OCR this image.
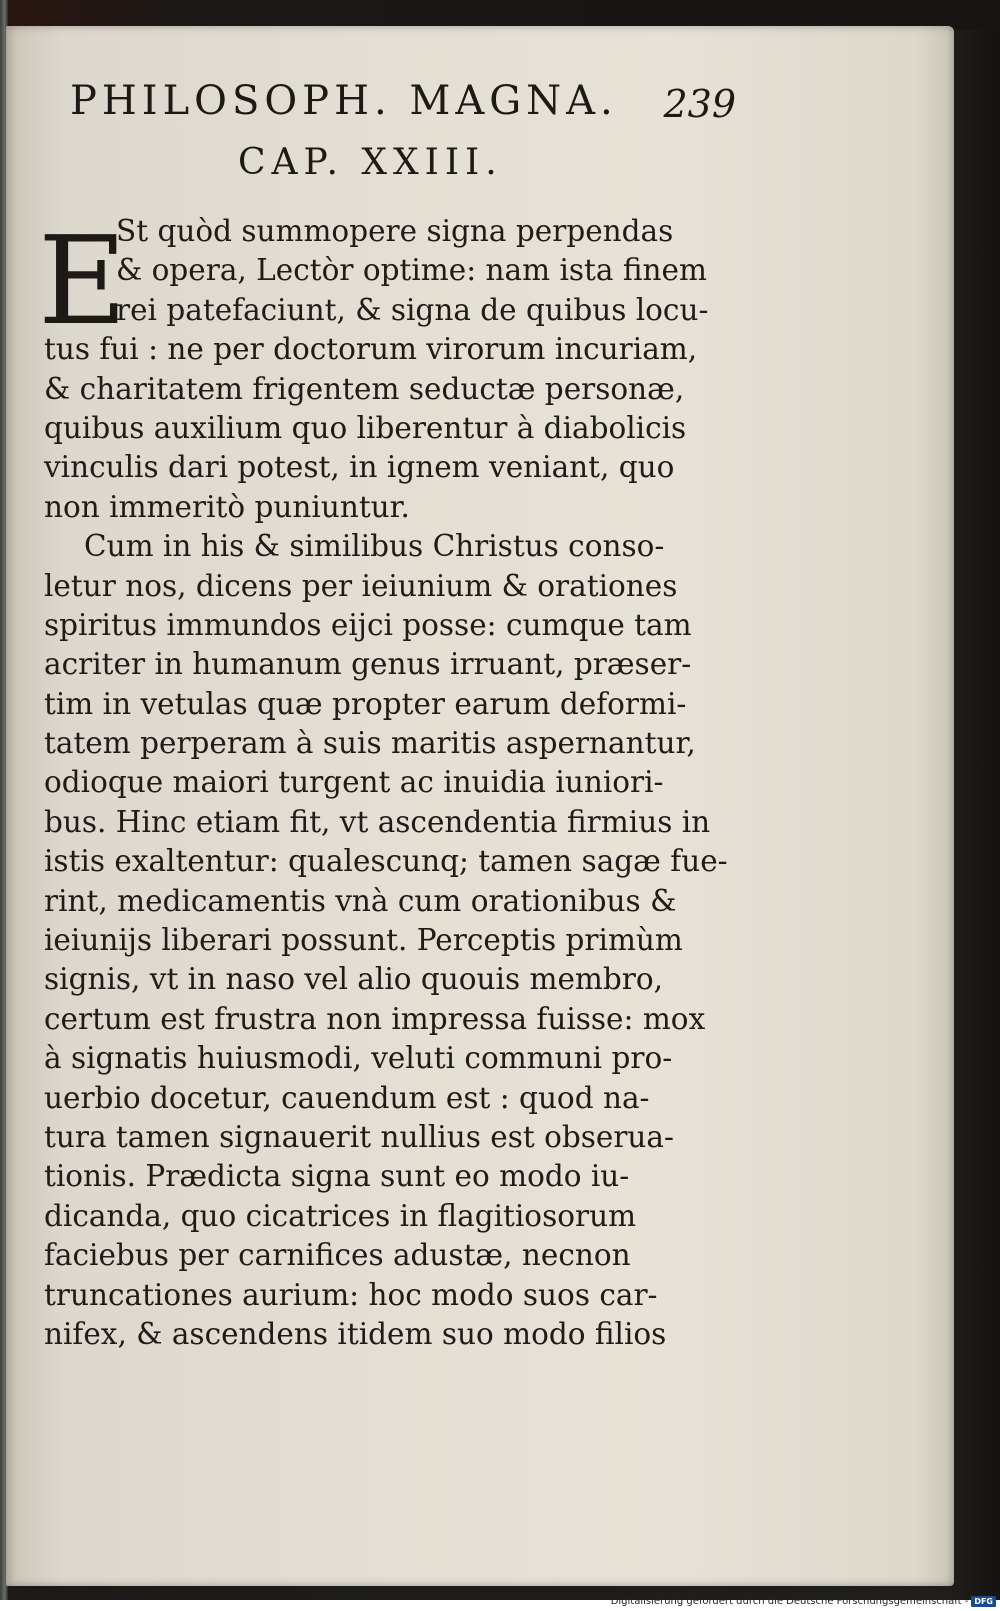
PHILOSOPH. MAGNA. 239
CAP. XXIII.
E
St quòd summopere signa perpendas
& opera, Lectòr optime: nam ista finem
rei patefaciunt, & signa de quibus locu-
tus fui : ne per doctorum virorum incuriam,
& charitatem frigentem seductæ personæ,
quibus auxilium quo liberentur à diabolicis
vinculis dari potest, in ignem veniant, quo
non immeritò puniuntur.
Cum in his & similibus Christus conso-
letur nos, dicens per ieiunium & orationes
spiritus immundos eijci posse: cumque tam
acriter in humanum genus irruant, præser-
tim in vetulas quæ propter earum deformi-
tatem perperam à suis maritis aspernantur,
odioque maiori turgent ac inuidia iuniori-
bus. Hinc etiam fit, vt ascendentia firmius in
istis exaltentur: qualescunq; tamen sagæ fue-
rint, medicamentis vnà cum orationibus &
ieiunijs liberari possunt. Perceptis primùm
signis, vt in naso vel alio quouis membro,
certum est frustra non impressa fuisse: mox
à signatis huiusmodi, veluti communi pro-
uerbio docetur, cauendum est : quod na-
tura tamen signauerit nullius est obserua-
tionis. Prædicta signa sunt eo modo iu-
dicanda, quo cicatrices in flagitiosorum
faciebus per carnifices adustæ, necnon
truncationes aurium: hoc modo suos car-
nifex, & ascendens itidem suo modo filios
Digitalisierung gefördert durch die Deutsche Forschungsgemeinschaft - DFG
